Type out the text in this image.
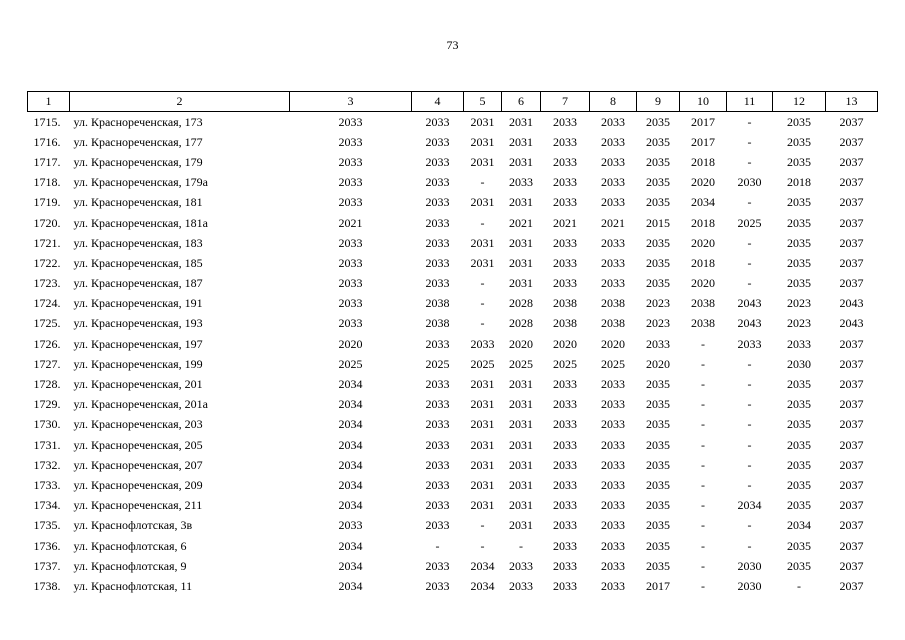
73
1	2	3	4	5	6	7	8	9	10	11	12	13
1715.	ул. Краснореченская, 173	2033	2033	2031	2031	2033	2033	2035	2017	-	2035	2037
1716.	ул. Краснореченская, 177	2033	2033	2031	2031	2033	2033	2035	2017	-	2035	2037
1717.	ул. Краснореченская, 179	2033	2033	2031	2031	2033	2033	2035	2018	-	2035	2037
1718.	ул. Краснореченская, 179а	2033	2033	-	2033	2033	2033	2035	2020	2030	2018	2037
1719.	ул. Краснореченская, 181	2033	2033	2031	2031	2033	2033	2035	2034	-	2035	2037
1720.	ул. Краснореченская, 181а	2021	2033	-	2021	2021	2021	2015	2018	2025	2035	2037
1721.	ул. Краснореченская, 183	2033	2033	2031	2031	2033	2033	2035	2020	-	2035	2037
1722.	ул. Краснореченская, 185	2033	2033	2031	2031	2033	2033	2035	2018	-	2035	2037
1723.	ул. Краснореченская, 187	2033	2033	-	2031	2033	2033	2035	2020	-	2035	2037
1724.	ул. Краснореченская, 191	2033	2038	-	2028	2038	2038	2023	2038	2043	2023	2043
1725.	ул. Краснореченская, 193	2033	2038	-	2028	2038	2038	2023	2038	2043	2023	2043
1726.	ул. Краснореченская, 197	2020	2033	2033	2020	2020	2020	2033	-	2033	2033	2037
1727.	ул. Краснореченская, 199	2025	2025	2025	2025	2025	2025	2020	-	-	2030	2037
1728.	ул. Краснореченская, 201	2034	2033	2031	2031	2033	2033	2035	-	-	2035	2037
1729.	ул. Краснореченская, 201а	2034	2033	2031	2031	2033	2033	2035	-	-	2035	2037
1730.	ул. Краснореченская, 203	2034	2033	2031	2031	2033	2033	2035	-	-	2035	2037
1731.	ул. Краснореченская, 205	2034	2033	2031	2031	2033	2033	2035	-	-	2035	2037
1732.	ул. Краснореченская, 207	2034	2033	2031	2031	2033	2033	2035	-	-	2035	2037
1733.	ул. Краснореченская, 209	2034	2033	2031	2031	2033	2033	2035	-	-	2035	2037
1734.	ул. Краснореченская, 211	2034	2033	2031	2031	2033	2033	2035	-	2034	2035	2037
1735.	ул. Краснофлотская, 3в	2033	2033	-	2031	2033	2033	2035	-	-	2034	2037
1736.	ул. Краснофлотская, 6	2034	-	-	-	2033	2033	2035	-	-	2035	2037
1737.	ул. Краснофлотская, 9	2034	2033	2034	2033	2033	2033	2035	-	2030	2035	2037
1738.	ул. Краснофлотская, 11	2034	2033	2034	2033	2033	2033	2017	-	2030	-	2037
